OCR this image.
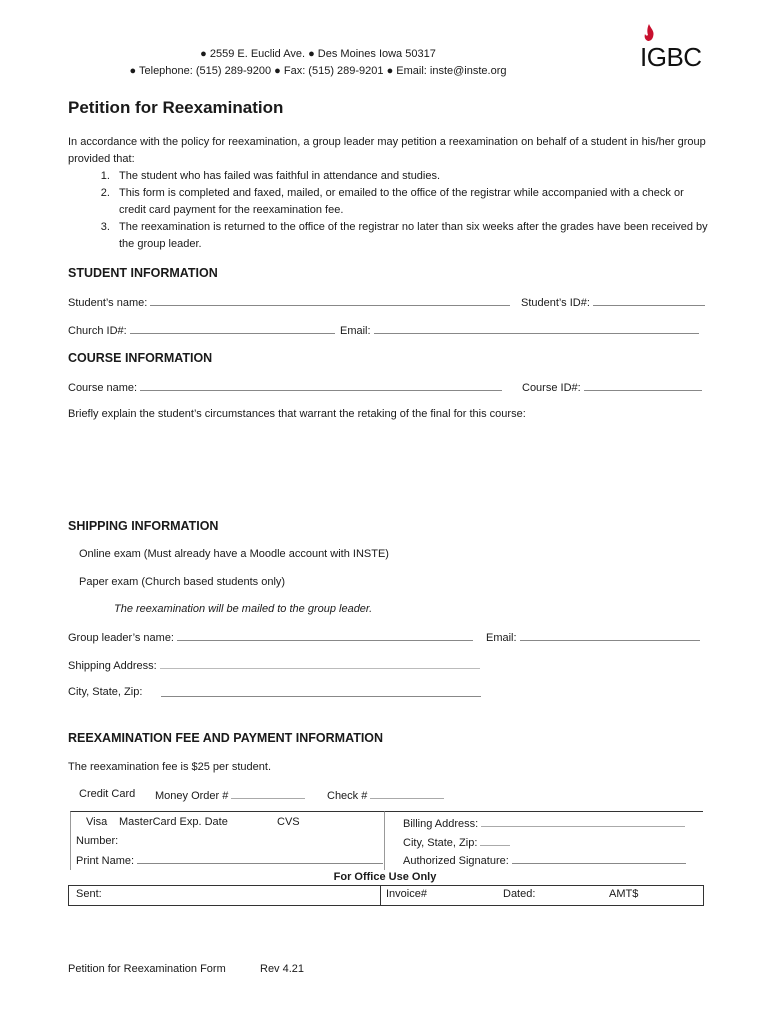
● 2559 E. Euclid Ave. ● Des Moines Iowa 50317
● Telephone: (515) 289-9200 ● Fax: (515) 289-9201 ● Email: inste@inste.org	IGBC
Petition for Reexamination
In accordance with the policy for reexamination, a group leader may petition a reexamination on behalf of a student in his/her group provided that:
1. The student who has failed was faithful in attendance and studies.
2. This form is completed and faxed, mailed, or emailed to the office of the registrar while accompanied with a check or credit card payment for the reexamination fee.
3. The reexamination is returned to the office of the registrar no later than six weeks after the grades have been received by the group leader.
STUDENT INFORMATION
Student’s name:	Student’s ID#:
Church ID#:	Email:
COURSE INFORMATION
Course name:	Course ID#:
Briefly explain the student’s circumstances that warrant the retaking of the final for this course:
SHIPPING INFORMATION
Online exam (Must already have a Moodle account with INSTE)
Paper exam (Church based students only)
The reexamination will be mailed to the group leader.
Group leader’s name:	Email:
Shipping Address:
City, State, Zip:
REEXAMINATION FEE AND PAYMENT INFORMATION
The reexamination fee is $25 per student.
Credit Card Money Order #	Check #
Visa MasterCard Exp. Date	CVS
Number:
Print Name:
Billing Address:
City, State, Zip:
Authorized Signature:
For Office Use Only
Sent:	Invoice#	Dated:	AMT$
Petition for Reexamination Form	Rev 4.21
